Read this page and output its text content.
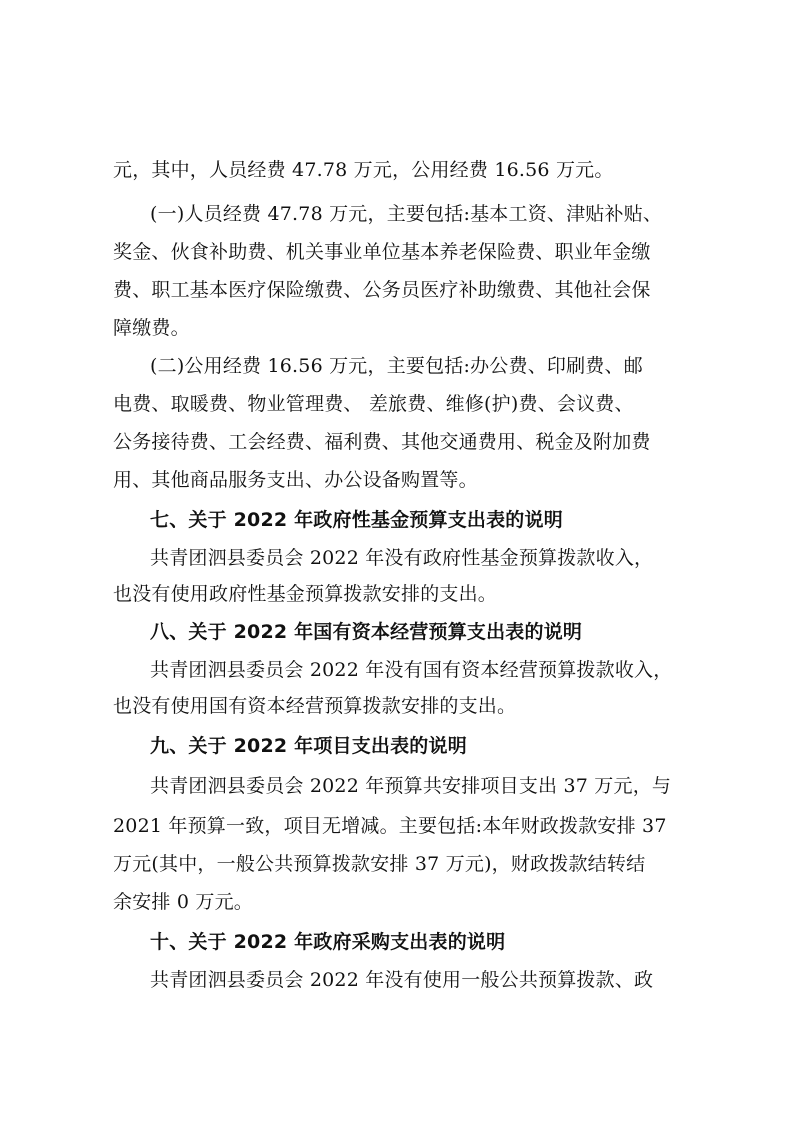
元，其中，人员经费 47.78 万元，公用经费 16.56 万元。
(一)人员经费 47.78 万元，主要包括:基本工资、津贴补贴、
奖金、伙食补助费、机关事业单位基本养老保险费、职业年金缴
费、职工基本医疗保险缴费、公务员医疗补助缴费、其他社会保
障缴费。
(二)公用经费 16.56 万元，主要包括:办公费、印刷费、邮
电费、取暖费、物业管理费、 差旅费、维修(护)费、会议费、
公务接待费、工会经费、福利费、其他交通费用、税金及附加费
用、其他商品服务支出、办公设备购置等。
七、关于 2022 年政府性基金预算支出表的说明
共青团泗县委员会 2022 年没有政府性基金预算拨款收入，
也没有使用政府性基金预算拨款安排的支出。
八、关于 2022 年国有资本经营预算支出表的说明
共青团泗县委员会 2022 年没有国有资本经营预算拨款收入，
也没有使用国有资本经营预算拨款安排的支出。
九、关于 2022 年项目支出表的说明
共青团泗县委员会 2022 年预算共安排项目支出 37 万元，与
2021 年预算一致，项目无增减。主要包括:本年财政拨款安排 37
万元(其中，一般公共预算拨款安排 37 万元)，财政拨款结转结
余安排 0 万元。
十、关于 2022 年政府采购支出表的说明
共青团泗县委员会 2022 年没有使用一般公共预算拨款、政
